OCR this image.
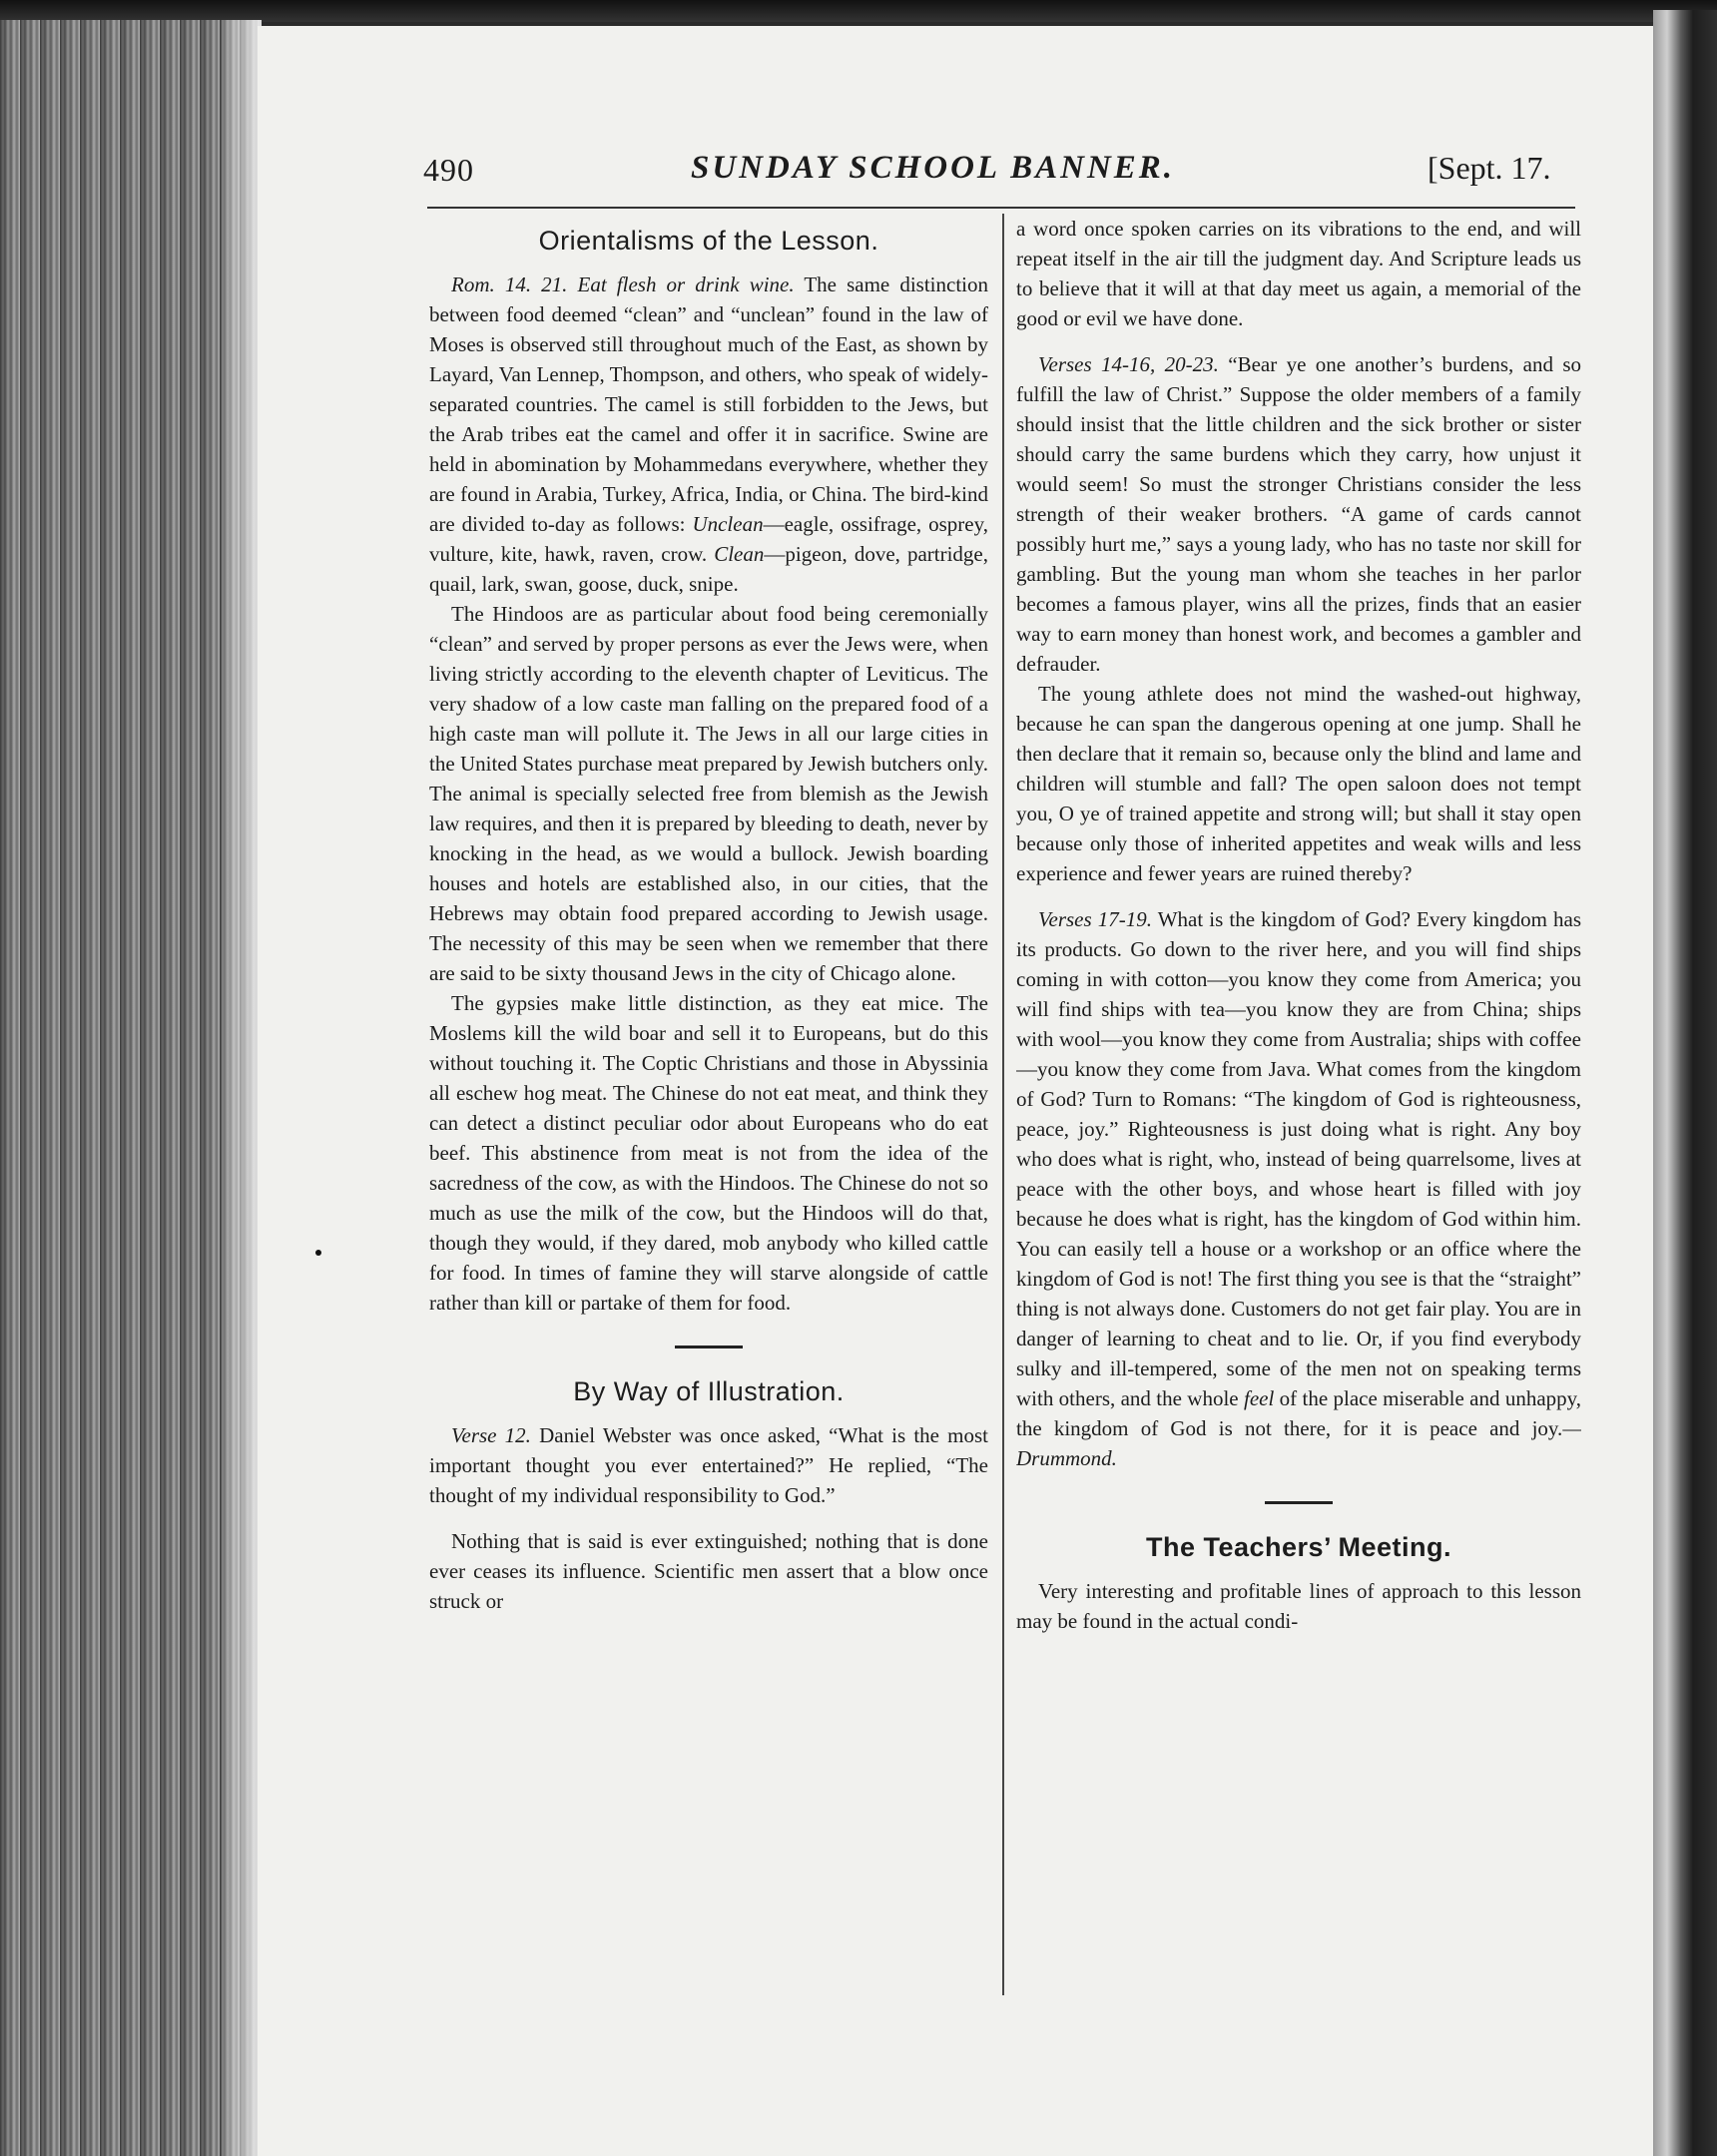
490	SUNDAY SCHOOL BANNER.	[Sept. 17.
Orientalisms of the Lesson.

Rom. 14. 21. Eat flesh or drink wine. The same distinction between food deemed “clean” and “unclean” found in the law of Moses is observed still throughout much of the East, as shown by Layard, Van Lennep, Thompson, and others, who speak of widely-separated countries. The camel is still forbidden to the Jews, but the Arab tribes eat the camel and offer it in sacrifice. Swine are held in abomination by Mohammedans everywhere, whether they are found in Arabia, Turkey, Africa, India, or China. The bird-kind are divided to-day as follows: Unclean—eagle, ossifrage, osprey, vulture, kite, hawk, raven, crow. Clean—pigeon, dove, partridge, quail, lark, swan, goose, duck, snipe.

The Hindoos are as particular about food being ceremonially “clean” and served by proper persons as ever the Jews were, when living strictly according to the eleventh chapter of Leviticus. The very shadow of a low caste man falling on the prepared food of a high caste man will pollute it. The Jews in all our large cities in the United States purchase meat prepared by Jewish butchers only. The animal is specially selected free from blemish as the Jewish law requires, and then it is prepared by bleeding to death, never by knocking in the head, as we would a bullock. Jewish boarding houses and hotels are established also, in our cities, that the Hebrews may obtain food prepared according to Jewish usage. The necessity of this may be seen when we remember that there are said to be sixty thousand Jews in the city of Chicago alone.

The gypsies make little distinction, as they eat mice. The Moslems kill the wild boar and sell it to Europeans, but do this without touching it. The Coptic Christians and those in Abyssinia all eschew hog meat. The Chinese do not eat meat, and think they can detect a distinct peculiar odor about Europeans who do eat beef. This abstinence from meat is not from the idea of the sacredness of the cow, as with the Hindoos. The Chinese do not so much as use the milk of the cow, but the Hindoos will do that, though they would, if they dared, mob anybody who killed cattle for food. In times of famine they will starve alongside of cattle rather than kill or partake of them for food.

By Way of Illustration.

Verse 12. Daniel Webster was once asked, “What is the most important thought you ever entertained?” He replied, “The thought of my individual responsibility to God.”

Nothing that is said is ever extinguished; nothing that is done ever ceases its influence. Scientific men assert that a blow once struck or

a word once spoken carries on its vibrations to the end, and will repeat itself in the air till the judgment day. And Scripture leads us to believe that it will at that day meet us again, a memorial of the good or evil we have done.

Verses 14-16, 20-23. “Bear ye one another’s burdens, and so fulfill the law of Christ.” Suppose the older members of a family should insist that the little children and the sick brother or sister should carry the same burdens which they carry, how unjust it would seem! So must the stronger Christians consider the less strength of their weaker brothers. “A game of cards cannot possibly hurt me,” says a young lady, who has no taste nor skill for gambling. But the young man whom she teaches in her parlor becomes a famous player, wins all the prizes, finds that an easier way to earn money than honest work, and becomes a gambler and defrauder.

The young athlete does not mind the washed-out highway, because he can span the dangerous opening at one jump. Shall he then declare that it remain so, because only the blind and lame and children will stumble and fall? The open saloon does not tempt you, O ye of trained appetite and strong will; but shall it stay open because only those of inherited appetites and weak wills and less experience and fewer years are ruined thereby?

Verses 17-19. What is the kingdom of God? Every kingdom has its products. Go down to the river here, and you will find ships coming in with cotton—you know they come from America; you will find ships with tea—you know they are from China; ships with wool—you know they come from Australia; ships with coffee—you know they come from Java. What comes from the kingdom of God? Turn to Romans: “The kingdom of God is righteousness, peace, joy.” Righteousness is just doing what is right. Any boy who does what is right, who, instead of being quarrelsome, lives at peace with the other boys, and whose heart is filled with joy because he does what is right, has the kingdom of God within him. You can easily tell a house or a workshop or an office where the kingdom of God is not! The first thing you see is that the “straight” thing is not always done. Customers do not get fair play. You are in danger of learning to cheat and to lie. Or, if you find everybody sulky and ill-tempered, some of the men not on speaking terms with others, and the whole feel of the place miserable and unhappy, the kingdom of God is not there, for it is peace and joy.—Drummond.

The Teachers’ Meeting.

Very interesting and profitable lines of approach to this lesson may be found in the actual condi-
